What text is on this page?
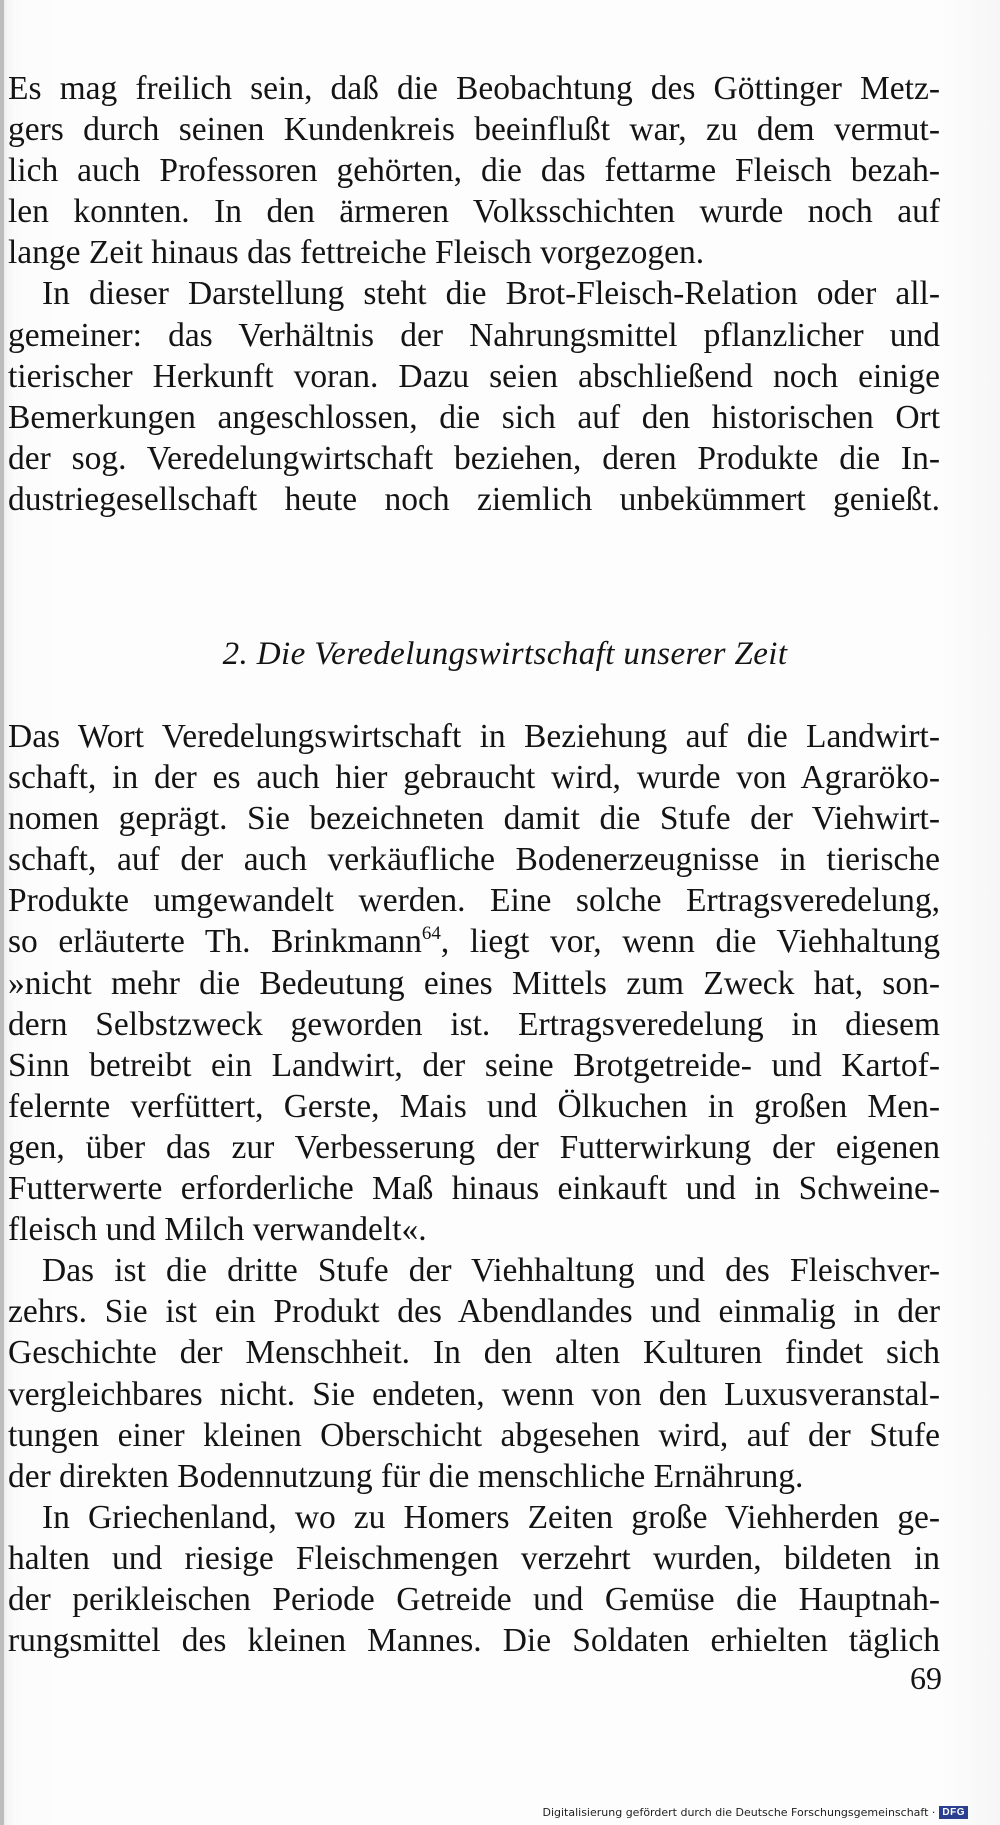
Es mag freilich sein, daß die Beobachtung des Göttinger Metz-
gers durch seinen Kundenkreis beeinflußt war, zu dem vermut-
lich auch Professoren gehörten, die das fettarme Fleisch bezah-
len konnten. In den ärmeren Volksschichten wurde noch auf
lange Zeit hinaus das fettreiche Fleisch vorgezogen.
In dieser Darstellung steht die Brot-Fleisch-Relation oder all-
gemeiner: das Verhältnis der Nahrungsmittel pflanzlicher und
tierischer Herkunft voran. Dazu seien abschließend noch einige
Bemerkungen angeschlossen, die sich auf den historischen Ort
der sog. Veredelungwirtschaft beziehen, deren Produkte die In-
dustriegesellschaft heute noch ziemlich unbekümmert genießt.
2. Die Veredelungswirtschaft unserer Zeit
Das Wort Veredelungswirtschaft in Beziehung auf die Landwirt-
schaft, in der es auch hier gebraucht wird, wurde von Agraröko-
nomen geprägt. Sie bezeichneten damit die Stufe der Viehwirt-
schaft, auf der auch verkäufliche Bodenerzeugnisse in tierische
Produkte umgewandelt werden. Eine solche Ertragsveredelung,
so erläuterte Th. Brinkmann$^{64}$, liegt vor, wenn die Viehhaltung
»nicht mehr die Bedeutung eines Mittels zum Zweck hat, son-
dern Selbstzweck geworden ist. Ertragsveredelung in diesem
Sinn betreibt ein Landwirt, der seine Brotgetreide- und Kartof-
felernte verfüttert, Gerste, Mais und Ölkuchen in großen Men-
gen, über das zur Verbesserung der Futterwirkung der eigenen
Futterwerte erforderliche Maß hinaus einkauft und in Schweine-
fleisch und Milch verwandelt«.
Das ist die dritte Stufe der Viehhaltung und des Fleischver-
zehrs. Sie ist ein Produkt des Abendlandes und einmalig in der
Geschichte der Menschheit. In den alten Kulturen findet sich
vergleichbares nicht. Sie endeten, wenn von den Luxusveranstal-
tungen einer kleinen Oberschicht abgesehen wird, auf der Stufe
der direkten Bodennutzung für die menschliche Ernährung.
In Griechenland, wo zu Homers Zeiten große Viehherden ge-
halten und riesige Fleischmengen verzehrt wurden, bildeten in
der perikleischen Periode Getreide und Gemüse die Hauptnah-
rungsmittel des kleinen Mannes. Die Soldaten erhielten täglich
69
Digitalisierung gefördert durch die Deutsche Forschungsgemeinschaft · DFG
